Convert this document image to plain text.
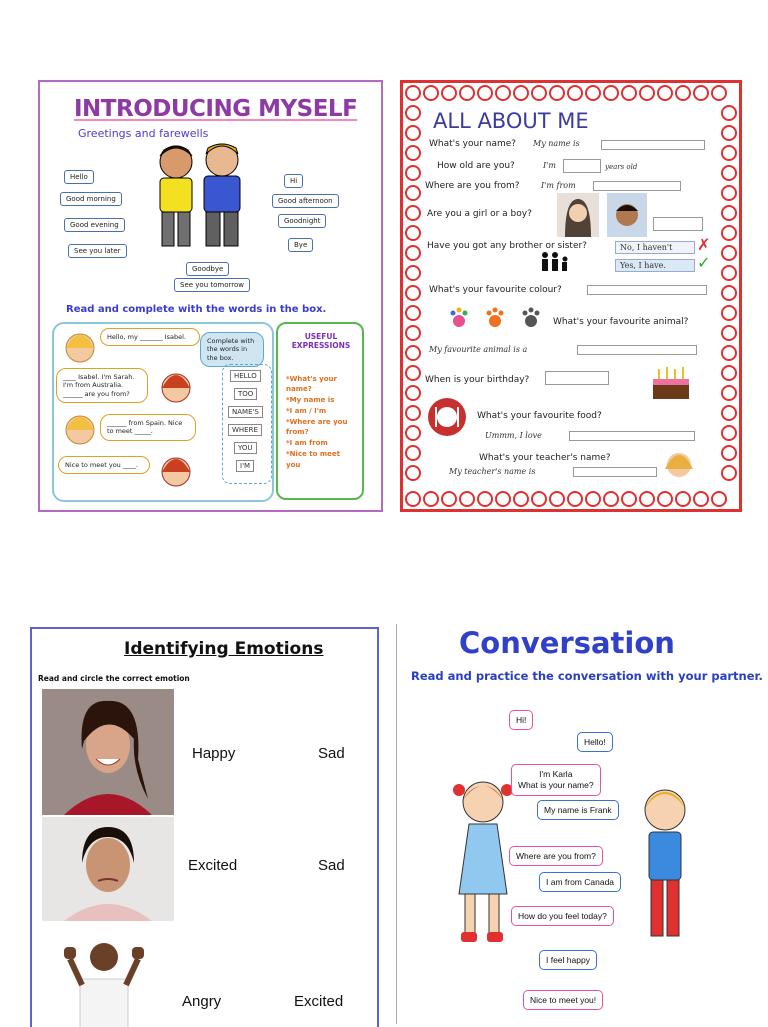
INTRODUCING MYSELF
Greetings and farewells
Hello
Good morning
Good evening
See you later
Hi
Good afternoon
Goodnight
Bye
Goodbye
See you tomorrow
Read and complete with the words in the box.
Hello, my _______ Isabel.
____ Isabel. I'm Sarah. I'm from Australia. ______ are you from?
______ from Spain. Nice to meet _____.
Nice to meet you ____.
Complete with the words in the box.
HELLO
TOO
NAME'S
WHERE
YOU
I'M
USEFUL EXPRESSIONS
*What's your
name?
*My name is
*I am / I'm
*Where are you
from?
*I am from
*Nice to meet
you
ALL ABOUT ME
What's your name? My name is
How old are you?	I'm	years old
Where are you from?	I'm from
Are you a girl or a boy?
Have you got any brother or sister?	No, I haven't	✗
Yes, I have.	✓
What's your favourite colour?
What's your favourite animal?
My favourite animal is a
When is your birthday?
What's your favourite food?
Ummm, I love
What's your teacher's name?
My teacher's name is
Identifying Emotions
Read and circle the correct emotion
Happy	Sad
Excited	Sad
Angry	Excited
Conversation
Read and practice the conversation with your partner.
Hi!
Hello!
I'm Karla
What is your name?
My name is Frank
Where are you from?
I am from Canada
How do you feel today?
I feel happy
Nice to meet you!
